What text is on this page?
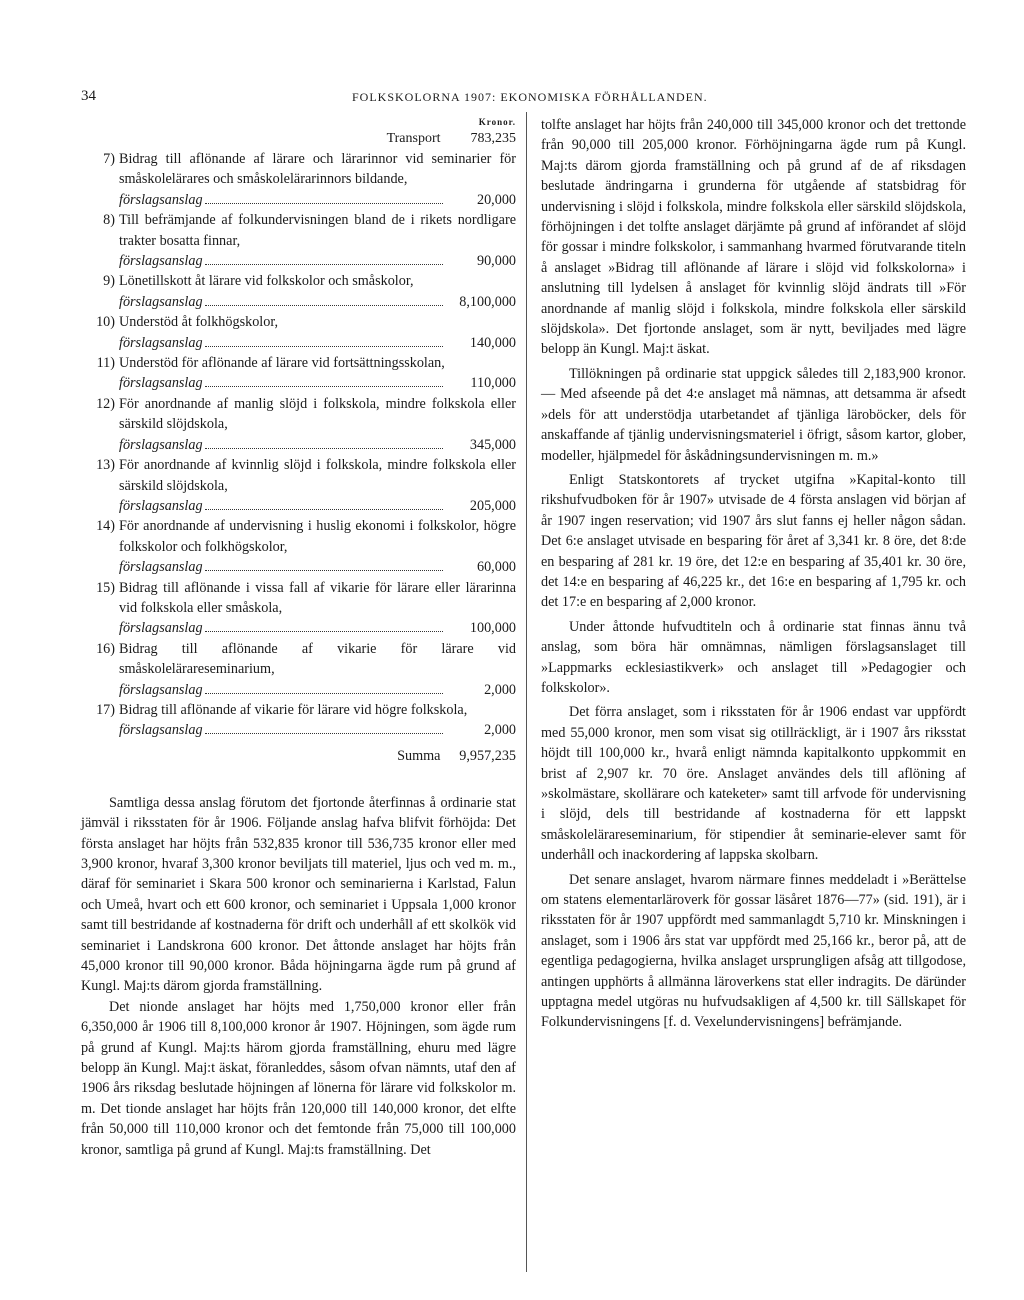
34	FOLKSKOLORNA 1907: EKONOMISKA FÖRHÅLLANDEN.
Kronor.
Transport 783,235
7) Bidrag till aflönande af lärare och lärarinnor vid seminarier för småskolelärares och småskolelärarinnors bildande,
förslagsanslag	20,000
8) Till befrämjande af folkundervisningen bland de i rikets nordligare trakter bosatta finnar,
förslagsanslag	90,000
9) Lönetillskott åt lärare vid folkskolor och småskolor,
förslagsanslag	8,100,000
10) Understöd åt folkhögskolor,
förslagsanslag	140,000
11) Understöd för aflönande af lärare vid fortsättningsskolan,
förslagsanslag	110,000
12) För anordnande af manlig slöjd i folkskola, mindre folkskola eller särskild slöjdskola,
förslagsanslag	345,000
13) För anordnande af kvinnlig slöjd i folkskola, mindre folkskola eller särskild slöjdskola,
förslagsanslag	205,000
14) För anordnande af undervisning i huslig ekonomi i folkskolor, högre folkskolor och folkhögskolor,
förslagsanslag	60,000
15) Bidrag till aflönande i vissa fall af vikarie för lärare eller lärarinna vid folkskola eller småskola,
förslagsanslag	100,000
16) Bidrag till aflönande af vikarie för lärare vid småskolelärareseminarium,
förslagsanslag	2,000
17) Bidrag till aflönande af vikarie för lärare vid högre folkskola,
förslagsanslag	2,000
Summa 9,957,235

Samtliga dessa anslag förutom det fjortonde återfinnas å ordinarie stat jämväl i riksstaten för år 1906. Följande anslag hafva blifvit förhöjda: Det första anslaget har höjts från 532,835 kronor till 536,735 kronor eller med 3,900 kronor, hvaraf 3,300 kronor beviljats till materiel, ljus och ved m. m., däraf för seminariet i Skara 500 kronor och seminarierna i Karlstad, Falun och Umeå, hvart och ett 600 kronor, och seminariet i Uppsala 1,000 kronor samt till bestridande af kostnaderna för drift och underhåll af ett skolkök vid seminariet i Landskrona 600 kronor. Det åttonde anslaget har höjts från 45,000 kronor till 90,000 kronor. Båda höjningarna ägde rum på grund af Kungl. Maj:ts därom gjorda framställning.

Det nionde anslaget har höjts med 1,750,000 kronor eller från 6,350,000 år 1906 till 8,100,000 kronor år 1907. Höjningen, som ägde rum på grund af Kungl. Maj:ts härom gjorda framställning, ehuru med lägre belopp än Kungl. Maj:t äskat, föranleddes, såsom ofvan nämnts, utaf den af 1906 års riksdag beslutade höjningen af lönerna för lärare vid folkskolor m. m. Det tionde anslaget har höjts från 120,000 till 140,000 kronor, det elfte från 50,000 till 110,000 kronor och det femtonde från 75,000 till 100,000 kronor, samtliga på grund af Kungl. Maj:ts framställning. Det

tolfte anslaget har höjts från 240,000 till 345,000 kronor och det trettonde från 90,000 till 205,000 kronor. Förhöjningarna ägde rum på Kungl. Maj:ts därom gjorda framställning och på grund af de af riksdagen beslutade ändringarna i grunderna för utgående af statsbidrag för undervisning i slöjd i folkskola, mindre folkskola eller särskild slöjdskola, förhöjningen i det tolfte anslaget därjämte på grund af införandet af slöjd för gossar i mindre folkskolor, i sammanhang hvarmed förutvarande titeln å anslaget »Bidrag till aflönande af lärare i slöjd vid folkskolorna» i anslutning till lydelsen å anslaget för kvinnlig slöjd ändrats till »För anordnande af manlig slöjd i folkskola, mindre folkskola eller särskild slöjdskola». Det fjortonde anslaget, som är nytt, beviljades med lägre belopp än Kungl. Maj:t äskat.

Tillökningen på ordinarie stat uppgick således till 2,183,900 kronor. — Med afseende på det 4:e anslaget må nämnas, att detsamma är afsedt »dels för att understödja utarbetandet af tjänliga läroböcker, dels för anskaffande af tjänlig undervisningsmateriel i öfrigt, såsom kartor, glober, modeller, hjälpmedel för åskådningsundervisningen m. m.»

Enligt Statskontorets af trycket utgifna »Kapital-konto till rikshufvudboken för år 1907» utvisade de 4 första anslagen vid början af år 1907 ingen reservation; vid 1907 års slut fanns ej heller någon sådan. Det 6:e anslaget utvisade en besparing för året af 3,341 kr. 8 öre, det 8:de en besparing af 281 kr. 19 öre, det 12:e en besparing af 35,401 kr. 30 öre, det 14:e en besparing af 46,225 kr., det 16:e en besparing af 1,795 kr. och det 17:e en besparing af 2,000 kronor.

Under åttonde hufvudtiteln och å ordinarie stat finnas ännu två anslag, som böra här omnämnas, nämligen förslagsanslaget till »Lappmarks ecklesiastikverk» och anslaget till »Pedagogier och folkskolor».

Det förra anslaget, som i riksstaten för år 1906 endast var uppfördt med 55,000 kronor, men som visat sig otillräckligt, är i 1907 års riksstat höjdt till 100,000 kr., hvarå enligt nämnda kapitalkonto uppkommit en brist af 2,907 kr. 70 öre. Anslaget användes dels till aflöning af »skolmästare, skollärare och kateketer» samt till arfvode för undervisning i slöjd, dels till bestridande af kostnaderna för ett lappskt småskolelärareseminarium, för stipendier åt seminarie-elever samt för underhåll och inackordering af lappska skolbarn.

Det senare anslaget, hvarom närmare finnes meddeladt i »Berättelse om statens elementarläroverk för gossar läsåret 1876—77» (sid. 191), är i riksstaten för år 1907 uppfördt med sammanlagdt 5,710 kr. Minskningen i anslaget, som i 1906 års stat var uppfördt med 25,166 kr., beror på, att de egentliga pedagogierna, hvilka anslaget ursprungligen afsåg att tillgodose, antingen upphörts å allmänna läroverkens stat eller indragits. De däründer upptagna medel utgöras nu hufvudsakligen af 4,500 kr. till Sällskapet för Folkundervisningens [f. d. Vexelundervisningens] befrämjande.
